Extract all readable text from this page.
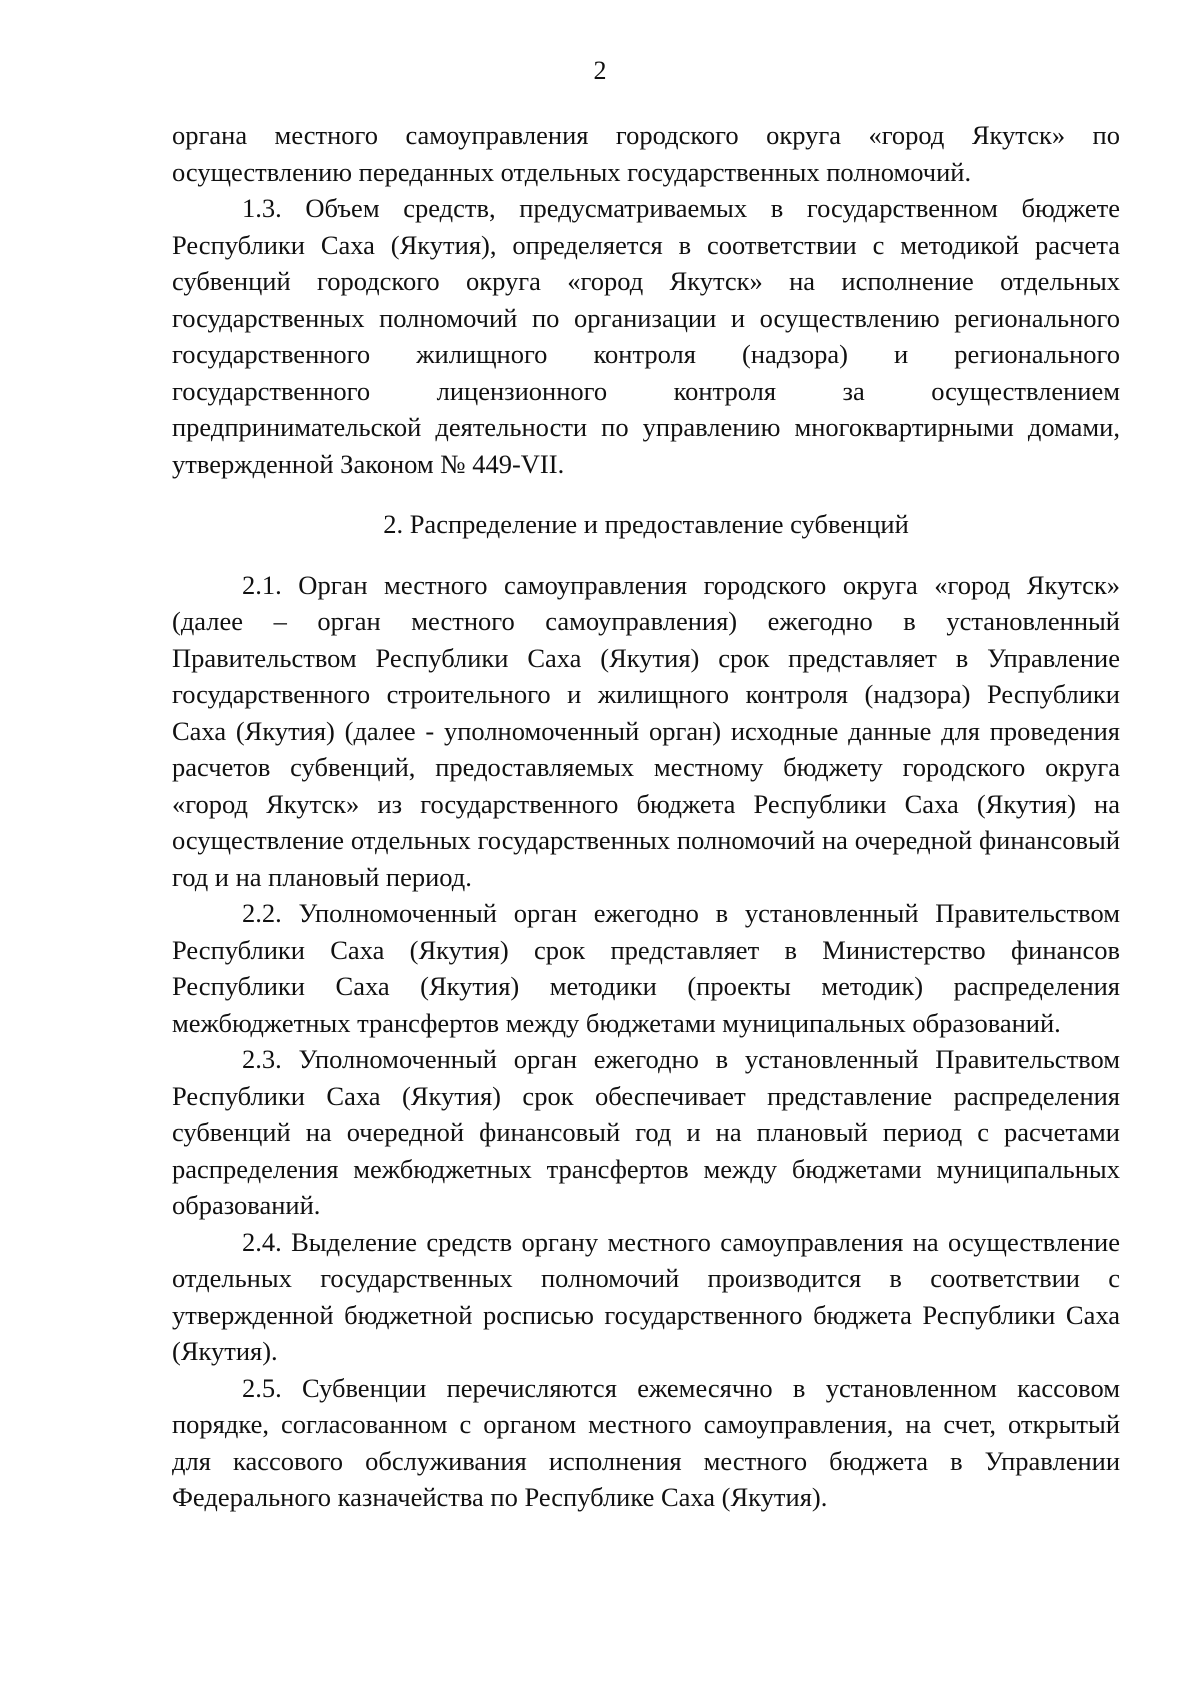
2

органа местного самоуправления городского округа «город Якутск» по осуществлению переданных отдельных государственных полномочий.

1.3. Объем средств, предусматриваемых в государственном бюджете Республики Саха (Якутия), определяется в соответствии с методикой расчета субвенций городского округа «город Якутск» на исполнение отдельных государственных полномочий по организации и осуществлению регионального государственного жилищного контроля (надзора) и регионального государственного лицензионного контроля за осуществлением предпринимательской деятельности по управлению многоквартирными домами, утвержденной Законом № 449-VII.

2. Распределение и предоставление субвенций

2.1. Орган местного самоуправления городского округа «город Якутск» (далее – орган местного самоуправления) ежегодно в установленный Правительством Республики Саха (Якутия) срок представляет в Управление государственного строительного и жилищного контроля (надзора) Республики Саха (Якутия) (далее - уполномоченный орган) исходные данные для проведения расчетов субвенций, предоставляемых местному бюджету городского округа «город Якутск» из государственного бюджета Республики Саха (Якутия) на осуществление отдельных государственных полномочий на очередной финансовый год и на плановый период.

2.2. Уполномоченный орган ежегодно в установленный Правительством Республики Саха (Якутия) срок представляет в Министерство финансов Республики Саха (Якутия) методики (проекты методик) распределения межбюджетных трансфертов между бюджетами муниципальных образований.

2.3. Уполномоченный орган ежегодно в установленный Правительством Республики Саха (Якутия) срок обеспечивает представление распределения субвенций на очередной финансовый год и на плановый период с расчетами распределения межбюджетных трансфертов между бюджетами муниципальных образований.

2.4. Выделение средств органу местного самоуправления на осуществление отдельных государственных полномочий производится в соответствии с утвержденной бюджетной росписью государственного бюджета Республики Саха (Якутия).

2.5. Субвенции перечисляются ежемесячно в установленном кассовом порядке, согласованном с органом местного самоуправления, на счет, открытый для кассового обслуживания исполнения местного бюджета в Управлении Федерального казначейства по Республике Саха (Якутия).
